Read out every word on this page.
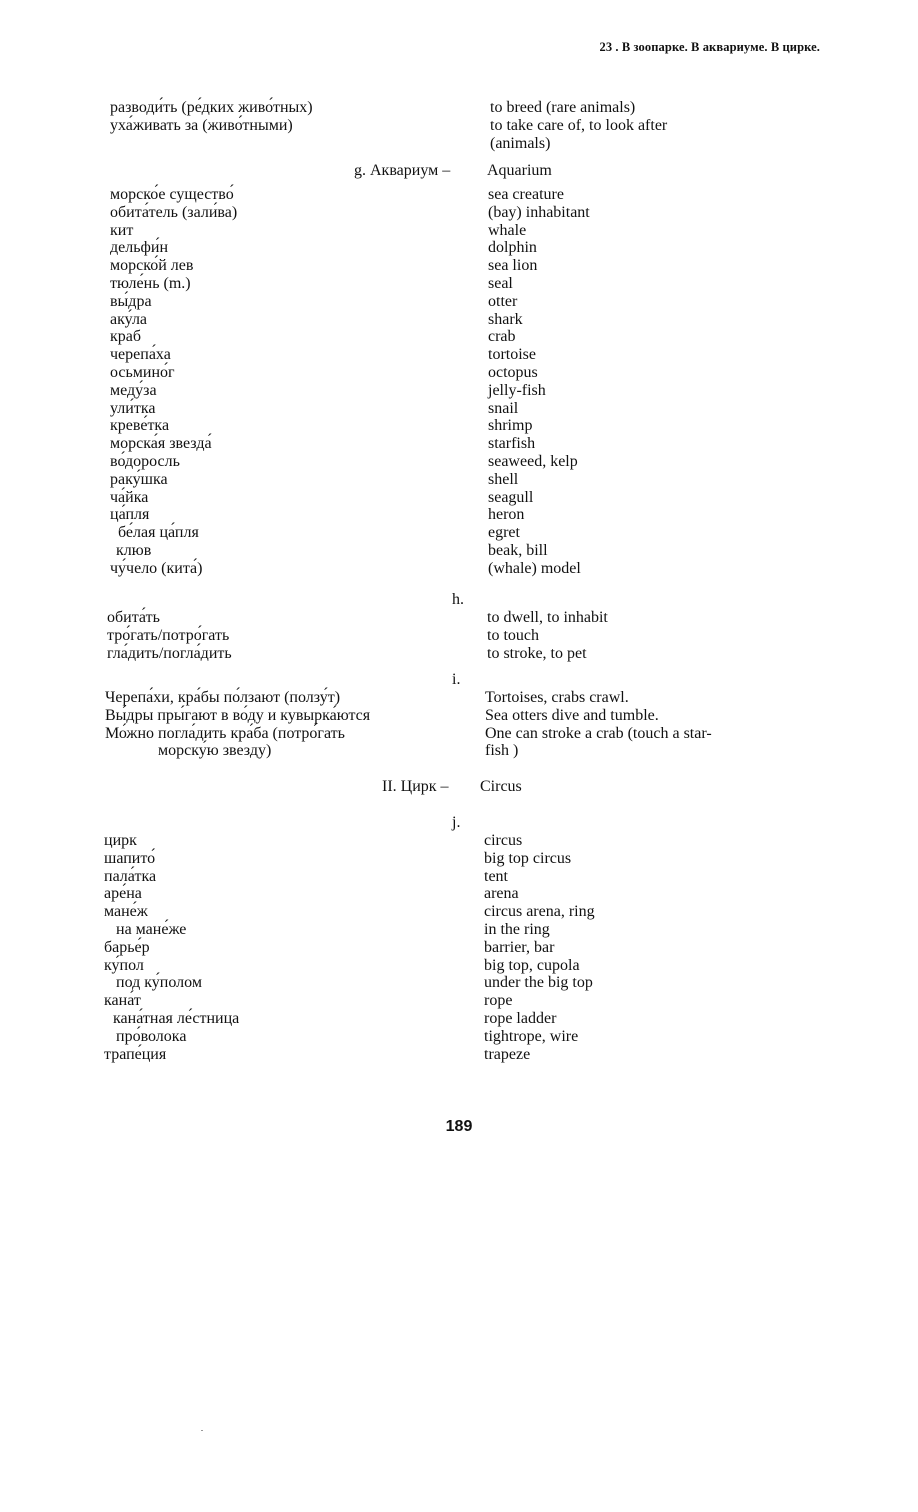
23 . В зоопарке. В аквариуме. В цирке.
разводи́ть (ре́дких живо́тных)	to breed (rare animals)
уха́живать за (живо́тными)	to take care of, to look after
(animals)
g. Аквариум – Aquarium
морско́е существо́	sea creature
обита́тель (зали́ва)	(bay) inhabitant
кит	whale
дельфи́н	dolphin
морско́й лев	sea lion
тюле́нь (m.)	seal
вы́дра	otter
аку́ла	shark
краб	crab
черепа́ха	tortoise
осьмино́г	octopus
меду́за	jelly-fish
ули́тка	snail
креве́тка	shrimp
морска́я звезда́	starfish
во́доросль	seaweed, kelp
раку́шка	shell
ча́йка	seagull
ца́пля	heron
бе́лая ца́пля	egret
клюв	beak, bill
чу́чело (кита́)	(whale) model
h.
обита́ть	to dwell, to inhabit
тро́гать/потро́гать	to touch
гла́дить/погла́дить	to stroke, to pet
i.
Черепа́хи, кра́бы по́лзают (ползу́т)	Tortoises, crabs crawl.
Вы́дры пры́гают в во́ду и кувырка́ются	Sea otters dive and tumble.
Мо́жно погла́дить кра́ба (потро́гать	One can stroke a crab (touch a star-
морску́ю звезду)	fish )
II. Цирк – Circus
j.
цирк	circus
шапито́	big top circus
пала́тка	tent
аре́на	arena
мане́ж	circus arena, ring
на мане́же	in the ring
барье́р	barrier, bar
ку́пол	big top, cupola
под ку́полом	under the big top
кана́т	rope
кана́тная ле́стница	rope ladder
про́волока	tightrope, wire
трапе́ция	trapeze
189
